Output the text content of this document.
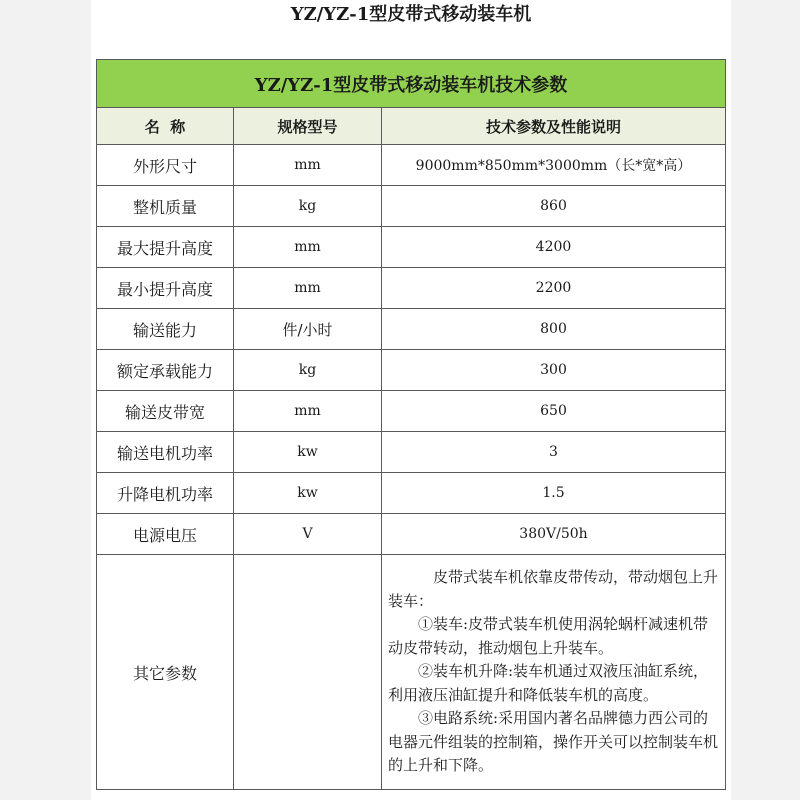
YZ/YZ-1型皮带式移动装车机
YZ/YZ-1型皮带式移动装车机技术参数		
名  称	规格型号	技术参数及性能说明
外形尺寸	mm	9000mm*850mm*3000mm（长*宽*高）
整机质量	kg	860
最大提升高度	mm	4200
最小提升高度	mm	2200
输送能力	件/小时	800
额定承载能力	kg	300
输送皮带宽	mm	650
输送电机功率	kw	3
升降电机功率	kw	1.5
电源电压	V	380V/50h
其它参数		皮带式装车机依靠皮带传动，带动烟包上升装车：

①装车:皮带式装车机使用涡轮蜗杆减速机带动皮带转动，推动烟包上升装车。

②装车机升降:装车机通过双液压油缸系统，利用液压油缸提升和降低装车机的高度。

③电路系统:采用国内著名品牌德力西公司的电器元件组装的控制箱，操作开关可以控制装车机的上升和下降。
